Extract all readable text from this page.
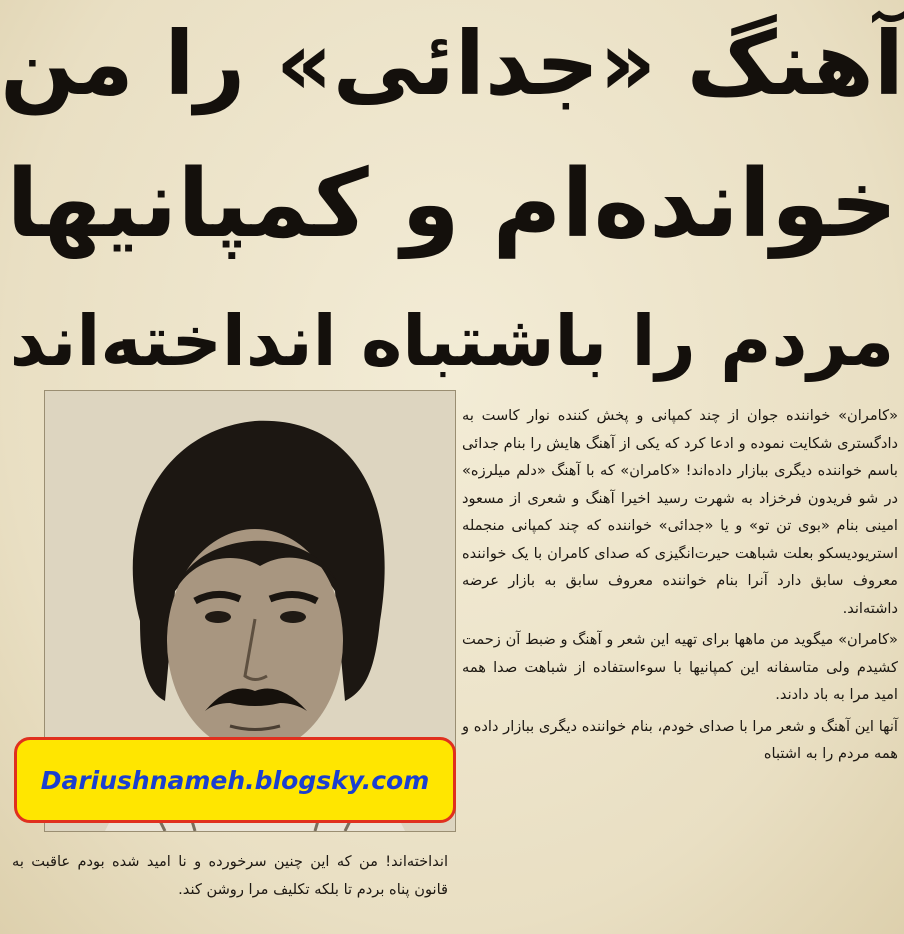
آهنگ «جدائی» را من
خوانده‌ام و کمپانیها
مردم را باشتباه انداخته‌اند

«کامران» خواننده جوان از چند کمپانی و پخش کننده نوار کاست به دادگستری شکایت نموده و ادعا کرد که یکی از آهنگ هایش را بنام جدائی باسم خواننده دیگری ببازار داده‌اند! «کامران» که با آهنگ «دلم میلرزه» در شو فریدون فرخزاد به شهرت رسید اخیرا آهنگ و شعری از مسعود امینی بنام «بوی تن تو» و یا «جدائی» خواننده که چند کمپانی منجمله استریودیسکو بعلت شباهت حیرت‌انگیزی که صدای کامران با یک خواننده معروف سابق دارد آنرا بنام خواننده معروف سابق به بازار عرضه داشته‌اند.

«کامران» میگوید من ماهها برای تهیه این شعر و آهنگ و ضبط آن زحمت کشیدم ولی متاسفانه این کمپانیها با سوءاستفاده از شباهت صدا همه امید مرا به باد دادند.

آنها این آهنگ و شعر مرا با صدای خودم، بنام خواننده دیگری ببازار داده و همه مردم را به اشتباه

انداخته‌اند! من که این چنین سرخورده و نا امید شده بودم عاقبت به قانون پناه بردم تا بلکه تکلیف مرا روشن کند.

Dariushnameh.blogsky.com
